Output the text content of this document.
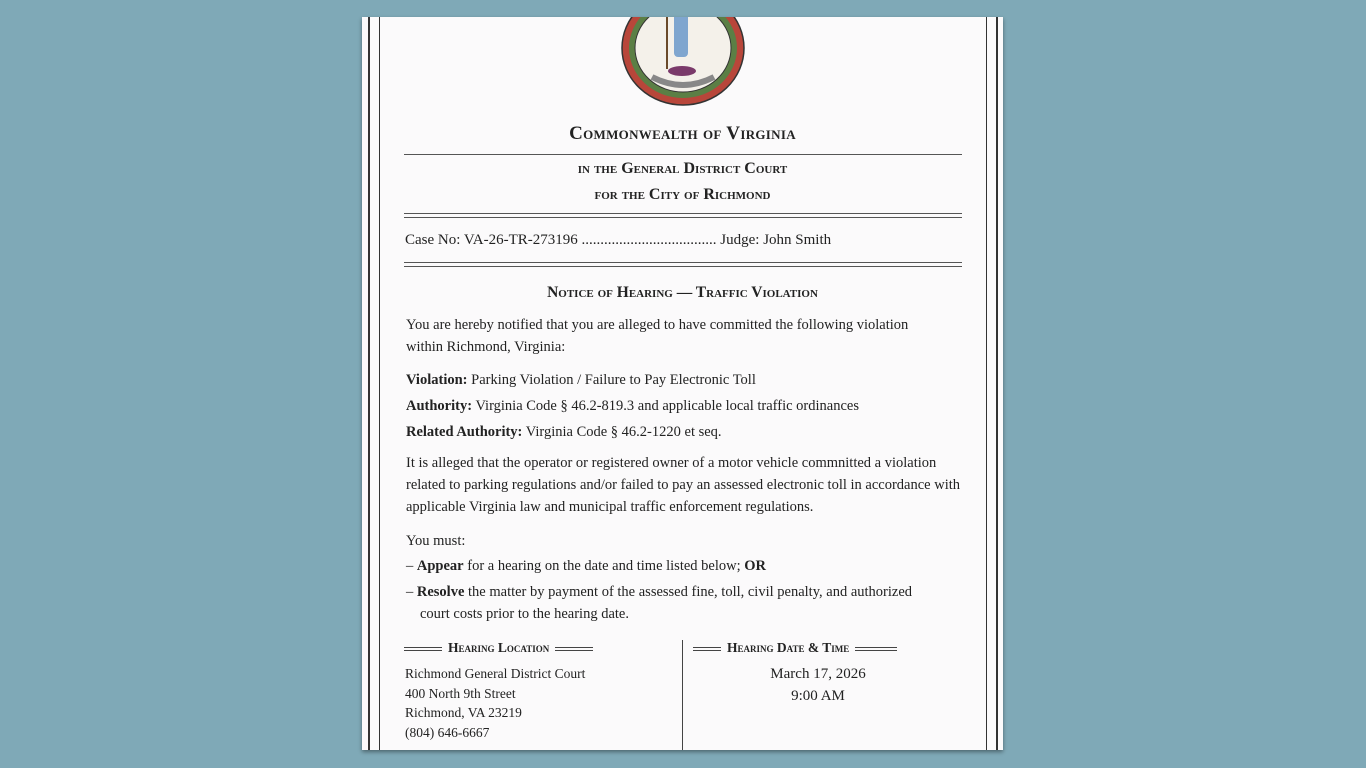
Commonwealth of Virginia
in the General District Court
for the City of Richmond
Case No: VA-26-TR-273196 .................................... Judge: John Smith
Notice of Hearing — Traffic Violation
You are hereby notified that you are alleged to have committed the following violation within Richmond, Virginia:
Violation: Parking Violation / Failure to Pay Electronic Toll
Authority: Virginia Code § 46.2-819.3 and applicable local traffic ordinances
Related Authority: Virginia Code § 46.2-1220 et seq.
It is alleged that the operator or registered owner of a motor vehicle commnitted a violation related to parking regulations and/or failed to pay an assessed electronic toll in accordance with applicable Virginia law and municipal traffic enforcement regulations.
You must:
– Appear for a hearing on the date and time listed below; OR
– Resolve the matter by payment of the assessed fine, toll, civil penalty, and authorized court costs prior to the hearing date.
Hearing Location	Hearing Date & Time
Richmond General District Court
400 North 9th Street
Richmond, VA 23219
(804) 646-6667
March 17, 2026
9:00 AM
